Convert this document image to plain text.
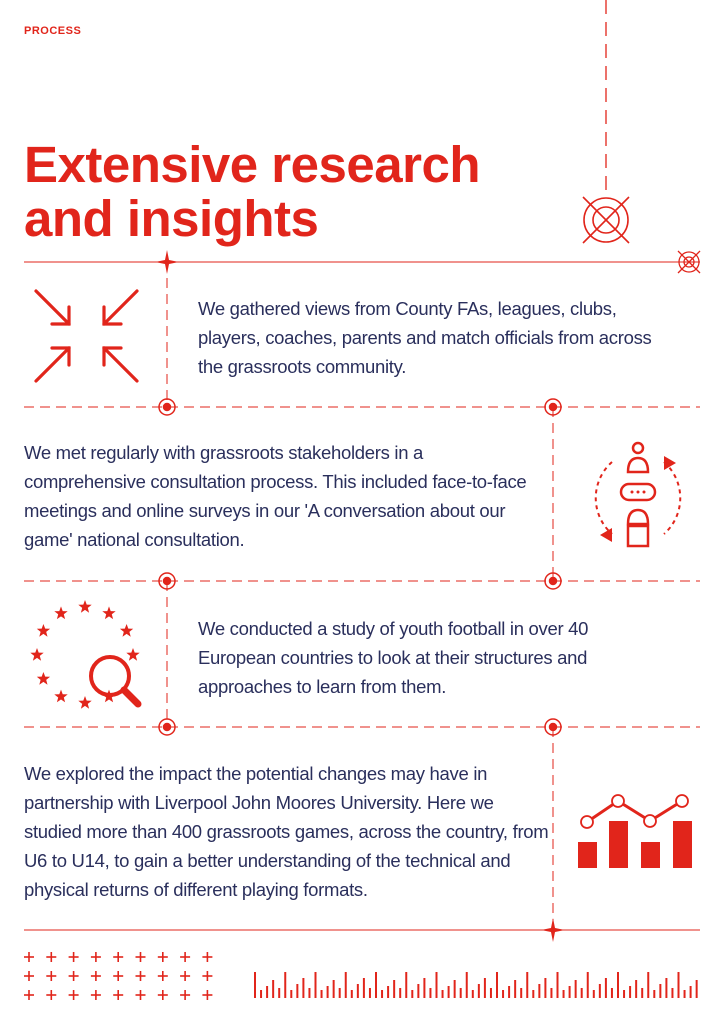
PROCESS
Extensive research
and insights
We gathered views from County FAs, leagues, clubs, players, coaches, parents and match officials from across the grassroots community.
We met regularly with grassroots stakeholders in a comprehensive consultation process. This included face-to-face meetings and online surveys in our 'A conversation about our game' national consultation.
We conducted a study of youth football in over 40 European countries to look at their structures and approaches to learn from them.
We explored the impact the potential changes may have in partnership with Liverpool John Moores University. Here we studied more than 400 grassroots games, across the country, from U6 to U14, to gain a better understanding of the technical and physical returns of different playing formats.
